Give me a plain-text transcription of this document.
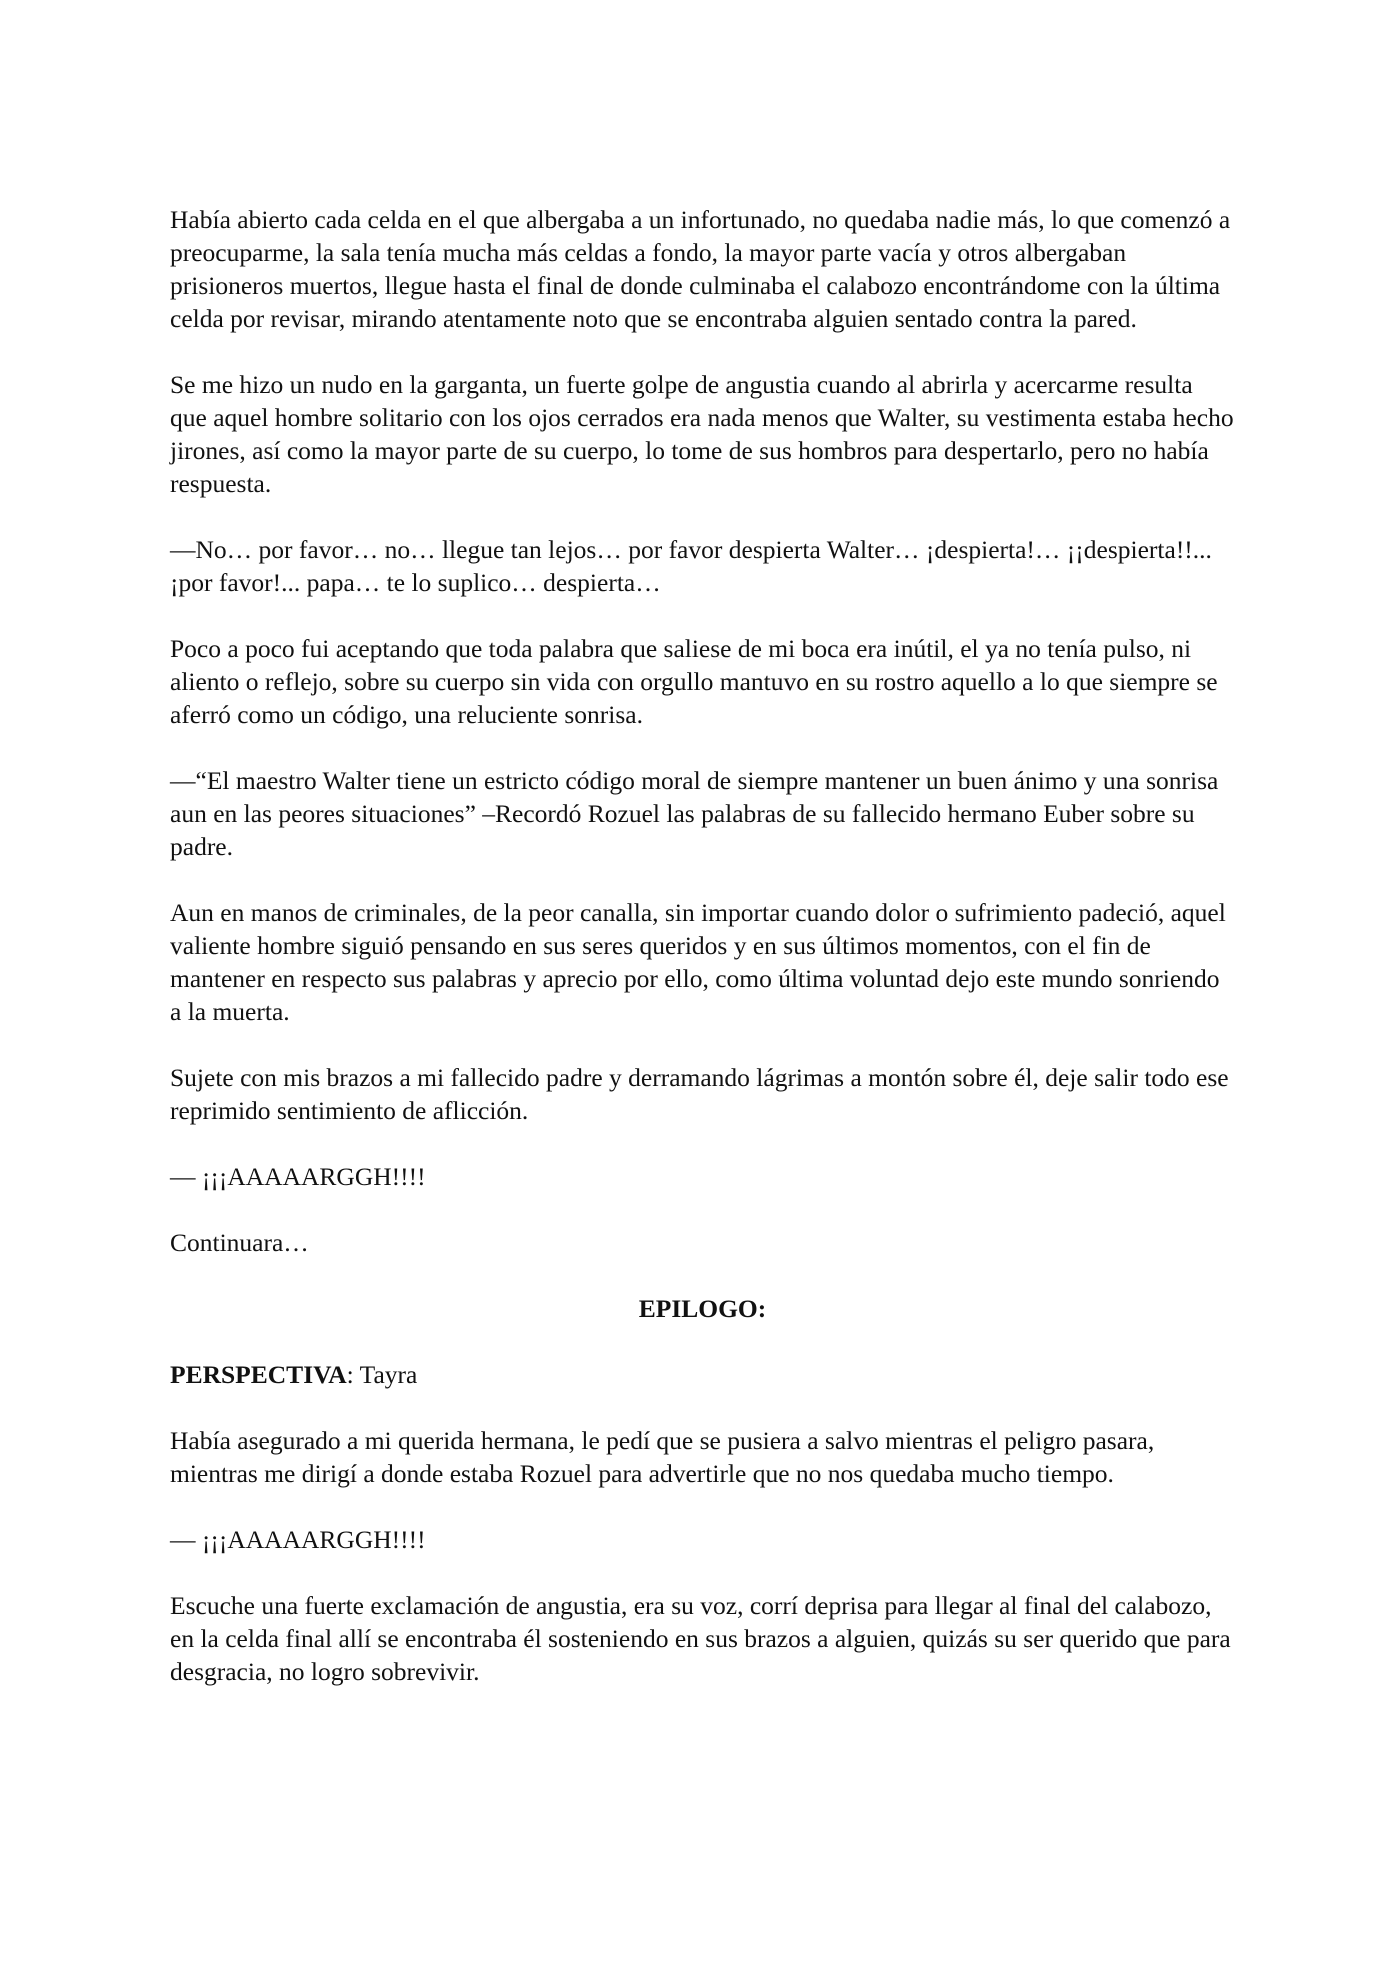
Había abierto cada celda en el que albergaba a un infortunado, no quedaba nadie más, lo que comenzó a preocuparme, la sala tenía mucha más celdas a fondo, la mayor parte vacía y otros albergaban prisioneros muertos, llegue hasta el final de donde culminaba el calabozo encontrándome con la última celda por revisar, mirando atentamente noto que se encontraba alguien sentado contra la pared.

Se me hizo un nudo en la garganta, un fuerte golpe de angustia cuando al abrirla y acercarme resulta que aquel hombre solitario con los ojos cerrados era nada menos que Walter, su vestimenta estaba hecho jirones, así como la mayor parte de su cuerpo, lo tome de sus hombros para despertarlo, pero no había respuesta.

—No… por favor… no… llegue tan lejos… por favor despierta Walter… ¡despierta!… ¡¡despierta!!... ¡por favor!... papa… te lo suplico… despierta…

Poco a poco fui aceptando que toda palabra que saliese de mi boca era inútil, el ya no tenía pulso, ni aliento o reflejo, sobre su cuerpo sin vida con orgullo mantuvo en su rostro aquello a lo que siempre se aferró como un código, una reluciente sonrisa.

—“El maestro Walter tiene un estricto código moral de siempre mantener un buen ánimo y una sonrisa aun en las peores situaciones” –Recordó Rozuel las palabras de su fallecido hermano Euber sobre su padre.

Aun en manos de criminales, de la peor canalla, sin importar cuando dolor o sufrimiento padeció, aquel valiente hombre siguió pensando en sus seres queridos y en sus últimos momentos, con el fin de mantener en respecto sus palabras y aprecio por ello, como última voluntad dejo este mundo sonriendo a la muerta.

Sujete con mis brazos a mi fallecido padre y derramando lágrimas a montón sobre él, deje salir todo ese reprimido sentimiento de aflicción.

— ¡¡¡AAAAARGGH!!!!

Continuara…

EPILOGO:

PERSPECTIVA: Tayra

Había asegurado a mi querida hermana, le pedí que se pusiera a salvo mientras el peligro pasara, mientras me dirigí a donde estaba Rozuel para advertirle que no nos quedaba mucho tiempo.

— ¡¡¡AAAAARGGH!!!!

Escuche una fuerte exclamación de angustia, era su voz, corrí deprisa para llegar al final del calabozo, en la celda final allí se encontraba él sosteniendo en sus brazos a alguien, quizás su ser querido que para desgracia, no logro sobrevivir.
